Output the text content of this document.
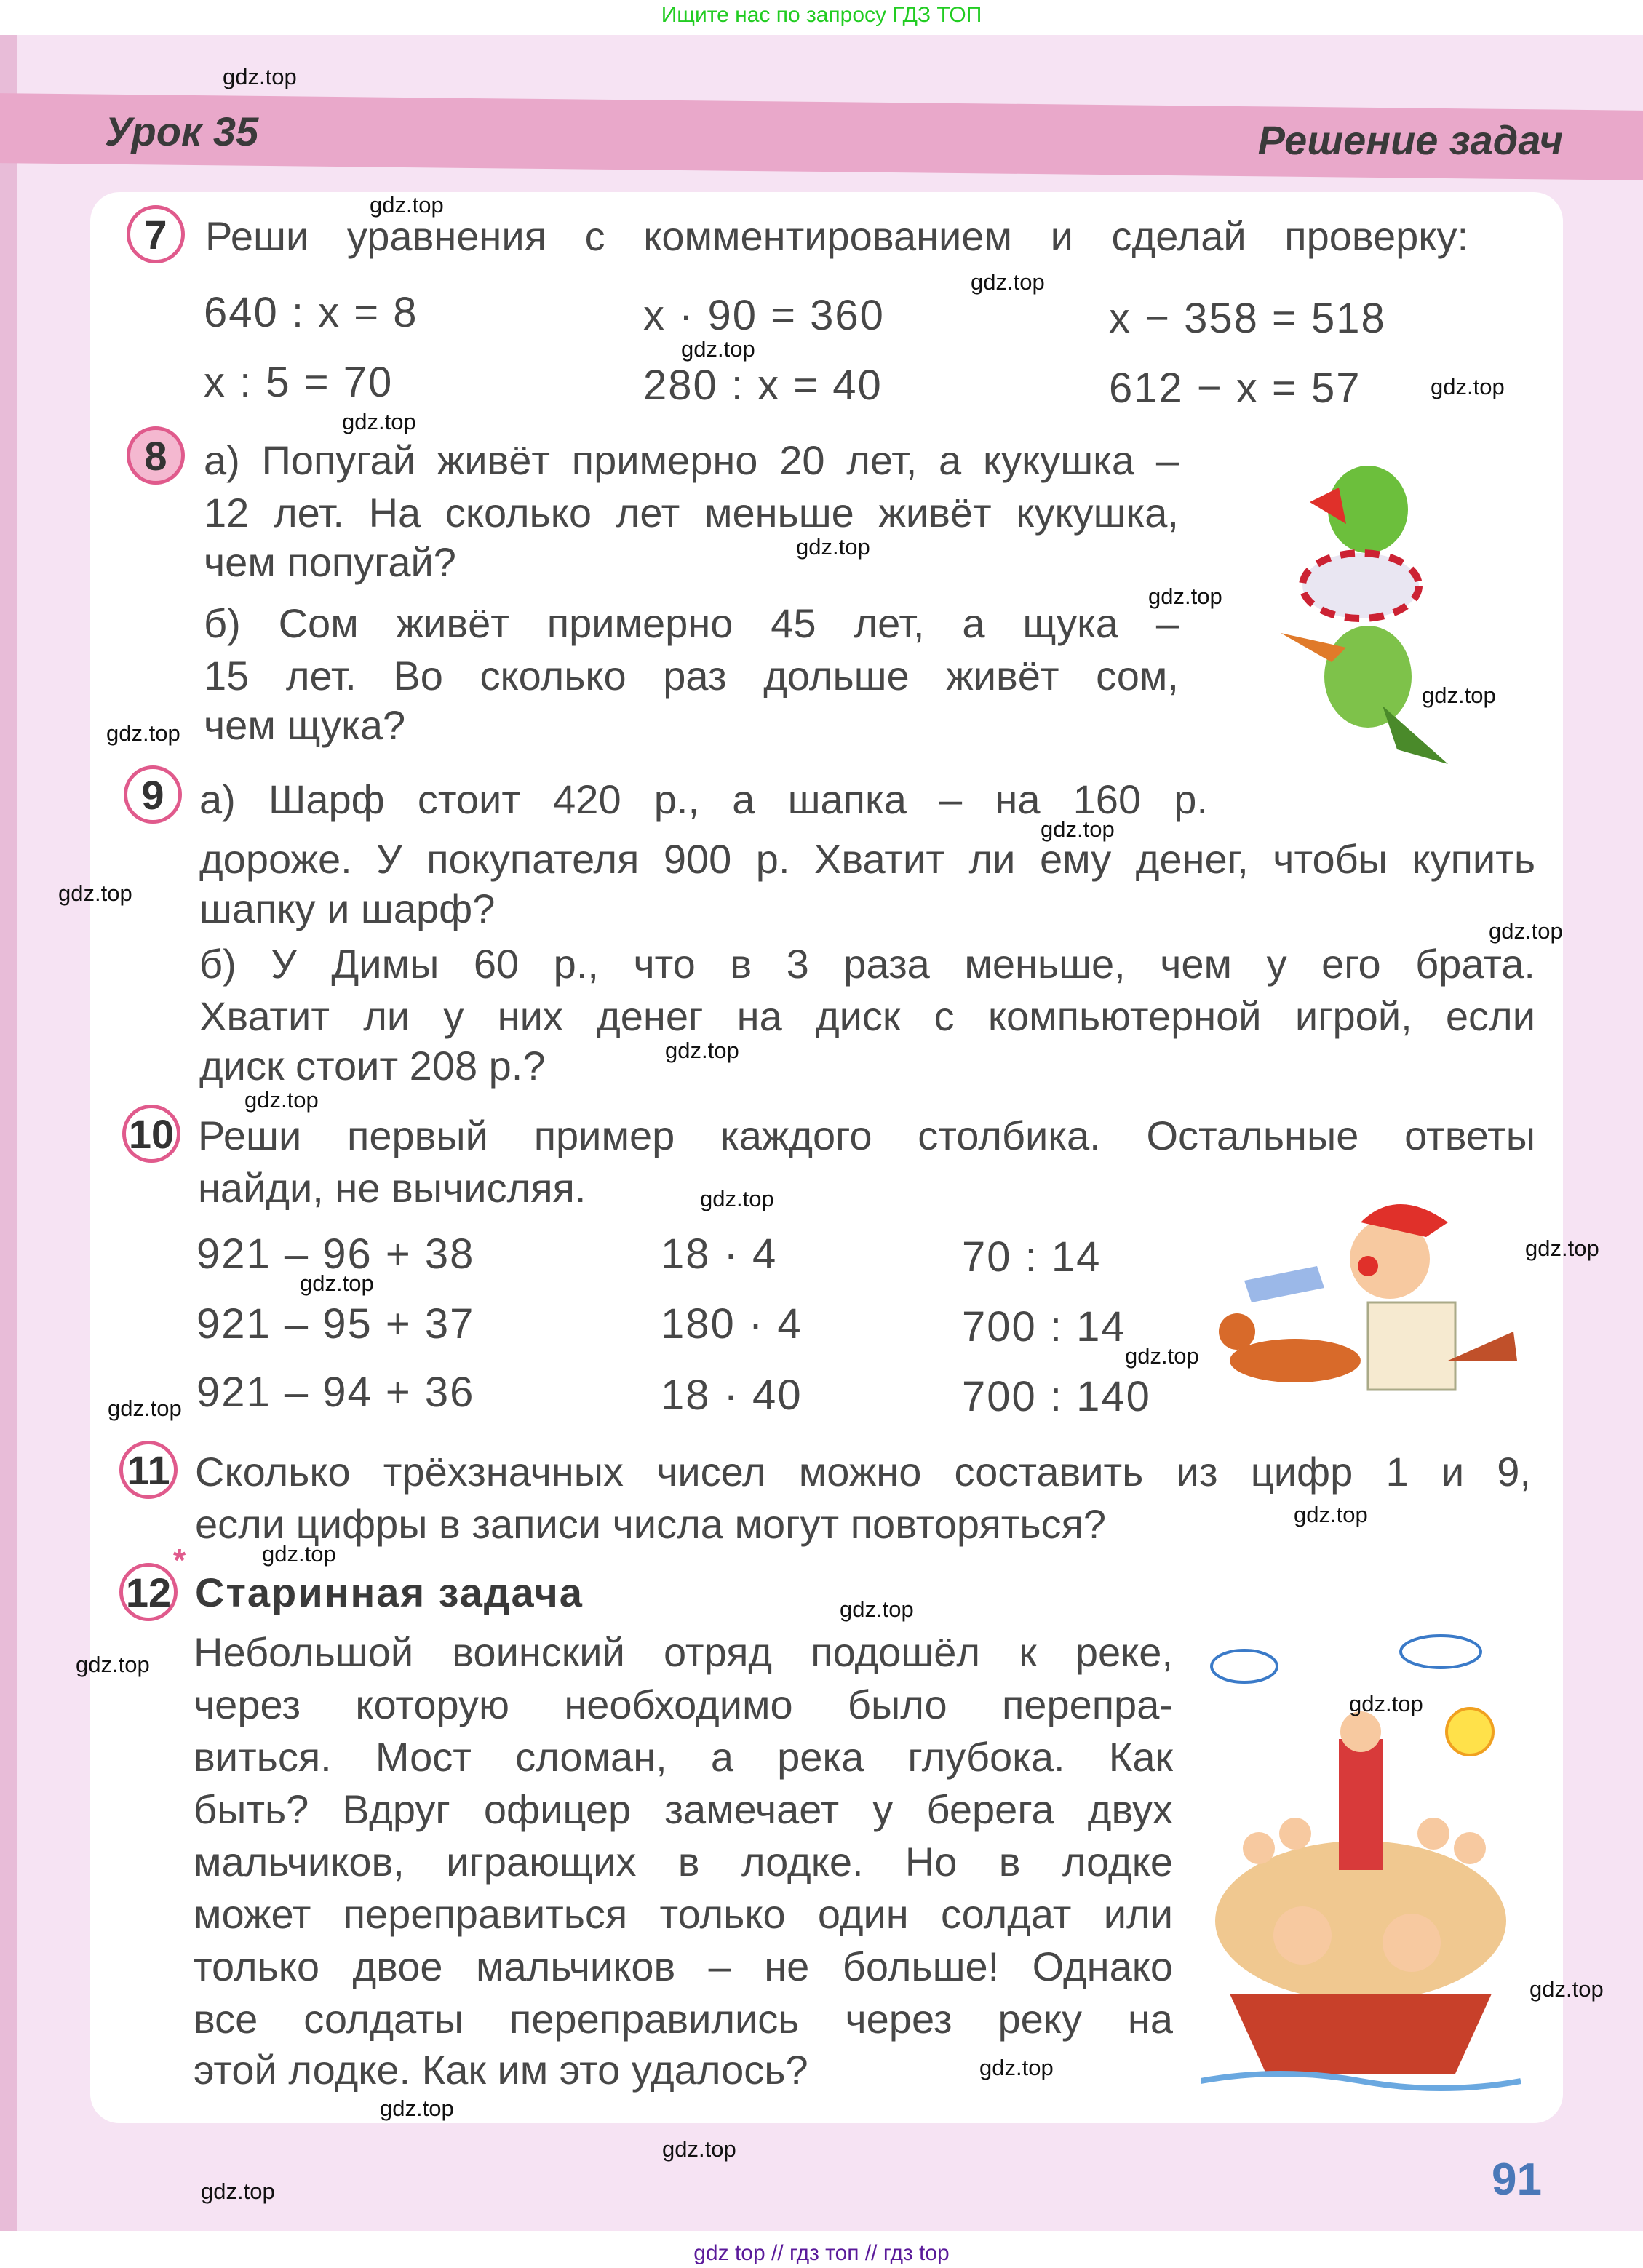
Ищите нас по запросу ГДЗ ТОП
Урок 35	Решение задач
7 Реши уравнения с комментированием и сделай проверку:
640 : x = 8	x · 90 = 360	x − 358 = 518
x : 5 = 70	280 : x = 40	612 − x = 57
8 а) Попугай живёт примерно 20 лет, а кукушка –
12 лет. На сколько лет меньше живёт кукушка,
чем попугай?
б) Сом живёт примерно 45 лет, а щука –
15 лет. Во сколько раз дольше живёт сом,
чем щука?
9 а) Шарф стоит 420 р., а шапка – на 160 р.
дороже. У покупателя 900 р. Хватит ли ему денег, чтобы купить
шапку и шарф?
б) У Димы 60 р., что в 3 раза меньше, чем у его брата.
Хватит ли у них денег на диск с компьютерной игрой, если
диск стоит 208 р.?
10 Реши первый пример каждого столбика. Остальные ответы
найди, не вычисляя.
921 – 96 + 38	18 · 4	70 : 14
921 – 95 + 37	180 · 4	700 : 14
921 – 94 + 36	18 · 40	700 : 140
11 Сколько трёхзначных чисел можно составить из цифр 1 и 9,
если цифры в записи числа могут повторяться?
12
*
Старинная задача
Небольшой воинский отряд подошёл к реке,
через которую необходимо было перепра-
виться. Мост сломан, а река глубока. Как
быть? Вдруг офицер замечает у берега двух
мальчиков, играющих в лодке. Но в лодке
может переправиться только один солдат или
только двое мальчиков – не больше! Однако
все солдаты переправились через реку на
этой лодке. Как им это удалось?
91
gdz top // гдз топ // гдз top
gdz.top
gdz.top
gdz.top
gdz.top
gdz.top
gdz.top
gdz.top
gdz.top
gdz.top
gdz.top
gdz.top
gdz.top
gdz.top
gdz.top
gdz.top
gdz.top
gdz.top
gdz.top
gdz.top
gdz.top
gdz.top
gdz.top
gdz.top
gdz.top
gdz.top
gdz.top
gdz.top
gdz.top
gdz.top
gdz.top
